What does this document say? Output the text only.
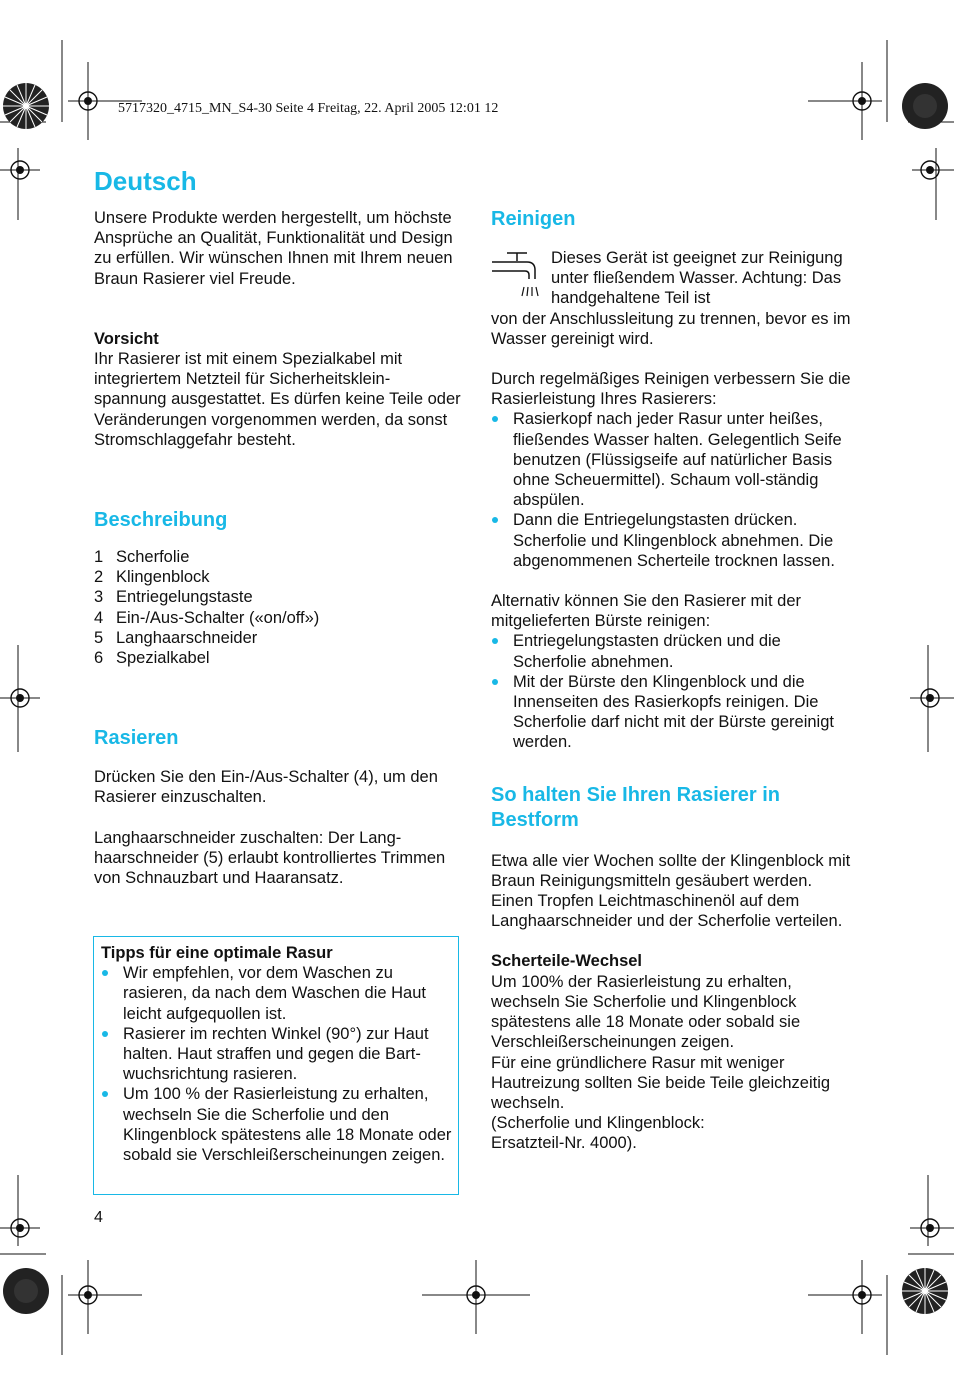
5717320_4715_MN_S4-30 Seite 4 Freitag, 22. April 2005 12:01 12
Deutsch

Unsere Produkte werden hergestellt, um höchste Ansprüche an Qualität, Funktionalität und Design zu erfüllen. Wir wünschen Ihnen mit Ihrem neuen Braun Rasierer viel Freude.

Vorsicht

Ihr Rasierer ist mit einem Spezialkabel mit integriertem Netzteil für Sicherheitsklein-spannung ausgestattet. Es dürfen keine Teile oder Veränderungen vorgenommen werden, da sonst Stromschlaggefahr besteht.

Beschreibung

1 Scherfolie
2 Klingenblock
3 Entriegelungstaste
4 Ein-/Aus-Schalter («on/off»)
5 Langhaarschneider
6 Spezialkabel

Rasieren

Drücken Sie den Ein-/Aus-Schalter (4), um den Rasierer einzuschalten.

Langhaarschneider zuschalten: Der Lang-haarschneider (5) erlaubt kontrolliertes Trimmen von Schnauzbart und Haaransatz.

Tipps für eine optimale Rasur

Wir empfehlen, vor dem Waschen zu rasieren, da nach dem Waschen die Haut leicht aufgequollen ist.
Rasierer im rechten Winkel (90°) zur Haut halten. Haut straffen und gegen die Bart-wuchsrichtung rasieren.
Um 100 % der Rasierleistung zu erhalten, wechseln Sie die Scherfolie und den Klingenblock spätestens alle 18 Monate oder sobald sie Verschleißerscheinungen zeigen.

Reinigen

Dieses Gerät ist geeignet zur Reinigung unter fließendem Wasser. Achtung: Das handgehaltene Teil ist

von der Anschlussleitung zu trennen, bevor es im Wasser gereinigt wird.

Durch regelmäßiges Reinigen verbessern Sie die Rasierleistung Ihres Rasierers:

Rasierkopf nach jeder Rasur unter heißes, fließendes Wasser halten. Gelegentlich Seife benutzen (Flüssigseife auf natürlicher Basis ohne Scheuermittel). Schaum voll-ständig abspülen.
Dann die Entriegelungstasten drücken. Scherfolie und Klingenblock abnehmen. Die abgenommenen Scherteile trocknen lassen.

Alternativ können Sie den Rasierer mit der mitgelieferten Bürste reinigen:

Entriegelungstasten drücken und die Scherfolie abnehmen.
Mit der Bürste den Klingenblock und die Innenseiten des Rasierkopfs reinigen. Die Scherfolie darf nicht mit der Bürste gereinigt werden.

So halten Sie Ihren Rasierer in Bestform

Etwa alle vier Wochen sollte der Klingenblock mit Braun Reinigungsmitteln gesäubert werden. Einen Tropfen Leichtmaschinenöl auf dem Langhaarschneider und der Scherfolie verteilen.

Scherteile-Wechsel

Um 100% der Rasierleistung zu erhalten, wechseln Sie Scherfolie und Klingenblock spätestens alle 18 Monate oder sobald sie Verschleißerscheinungen zeigen.

Für eine gründlichere Rasur mit weniger Hautreizung sollten Sie beide Teile gleichzeitig wechseln.

(Scherfolie und Klingenblock:

Ersatzteil-Nr. 4000).

4
